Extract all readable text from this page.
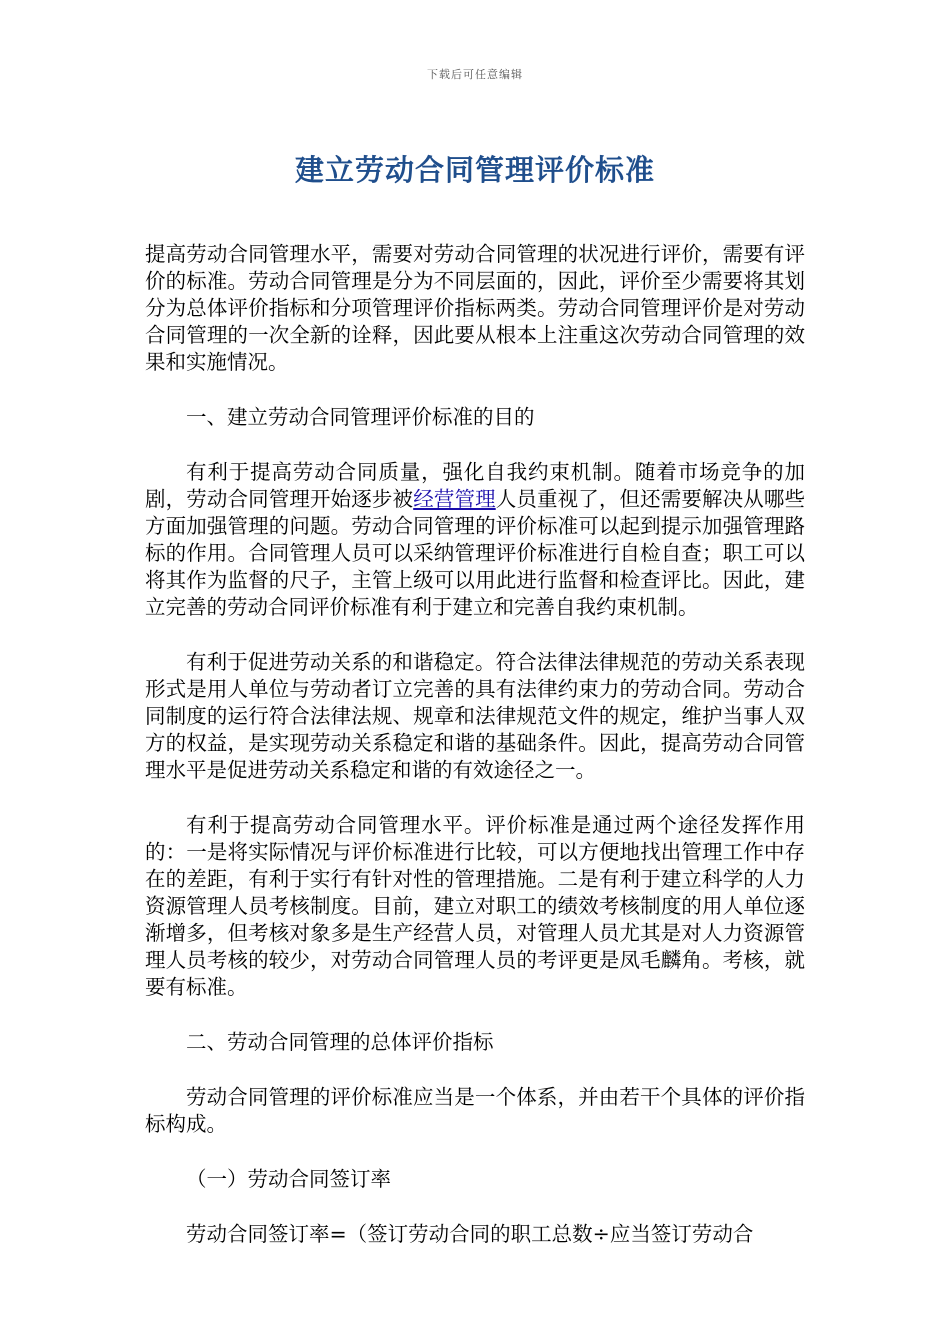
下载后可任意编辑
建立劳动合同管理评价标准

提高劳动合同管理水平，需要对劳动合同管理的状况进行评价，需要有评价的标准。劳动合同管理是分为不同层面的，因此，评价至少需要将其划分为总体评价指标和分项管理评价指标两类。劳动合同管理评价是对劳动合同管理的一次全新的诠释，因此要从根本上注重这次劳动合同管理的效果和实施情况。

一、建立劳动合同管理评价标准的目的

有利于提高劳动合同质量，强化自我约束机制。随着市场竞争的加剧，劳动合同管理开始逐步被经营管理人员重视了，但还需要解决从哪些方面加强管理的问题。劳动合同管理的评价标准可以起到提示加强管理路标的作用。合同管理人员可以采纳管理评价标准进行自检自查；职工可以将其作为监督的尺子，主管上级可以用此进行监督和检查评比。因此，建立完善的劳动合同评价标准有利于建立和完善自我约束机制。

有利于促进劳动关系的和谐稳定。符合法律法律规范的劳动关系表现形式是用人单位与劳动者订立完善的具有法律约束力的劳动合同。劳动合同制度的运行符合法律法规、规章和法律规范文件的规定，维护当事人双方的权益，是实现劳动关系稳定和谐的基础条件。因此，提高劳动合同管理水平是促进劳动关系稳定和谐的有效途径之一。

有利于提高劳动合同管理水平。评价标准是通过两个途径发挥作用的：一是将实际情况与评价标准进行比较，可以方便地找出管理工作中存在的差距，有利于实行有针对性的管理措施。二是有利于建立科学的人力资源管理人员考核制度。目前，建立对职工的绩效考核制度的用人单位逐渐增多，但考核对象多是生产经营人员，对管理人员尤其是对人力资源管理人员考核的较少，对劳动合同管理人员的考评更是凤毛麟角。考核，就要有标准。

二、劳动合同管理的总体评价指标

劳动合同管理的评价标准应当是一个体系，并由若干个具体的评价指标构成。

（一）劳动合同签订率

劳动合同签订率=（签订劳动合同的职工总数÷应当签订劳动合
